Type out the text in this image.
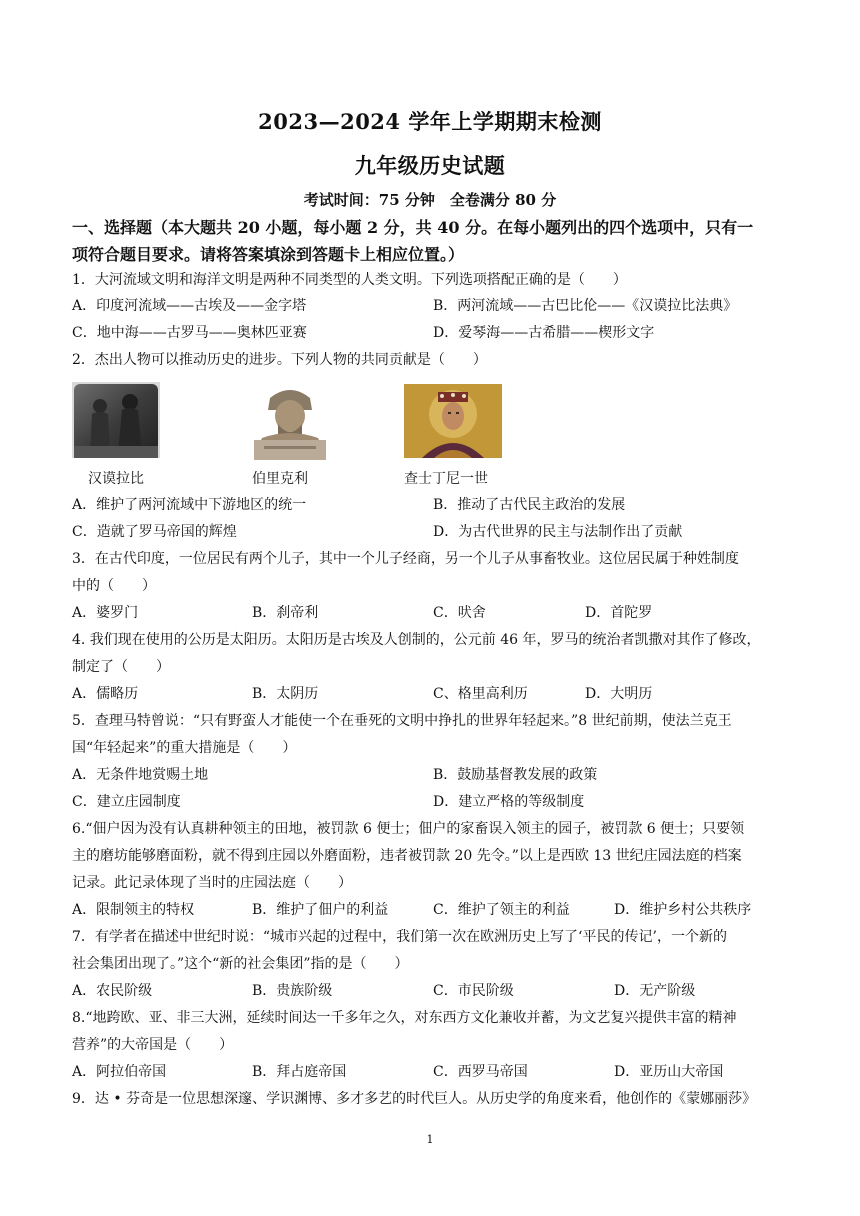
2023—2024 学年上学期期末检测
九年级历史试题
考试时间：75 分钟　全卷满分 80 分
一、选择题（本大题共 20 小题，每小题 2 分，共 40 分。在每小题列出的四个选项中，只有一
项符合题目要求。请将答案填涂到答题卡上相应位置。）
1．大河流域文明和海洋文明是两种不同类型的人类文明。下列选项搭配正确的是（　　）
A．印度河流域——古埃及——金字塔	B．两河流域——古巴比伦——《汉谟拉比法典》
C．地中海——古罗马——奥林匹亚赛	D．爱琴海——古希腊——楔形文字
2．杰出人物可以推动历史的进步。下列人物的共同贡献是（　　）
汉谟拉比	伯里克利	查士丁尼一世
A．维护了两河流域中下游地区的统一	B．推动了古代民主政治的发展
C．造就了罗马帝国的辉煌	D．为古代世界的民主与法制作出了贡献
3．在古代印度，一位居民有两个儿子，其中一个儿子经商，另一个儿子从事畜牧业。这位居民属于种姓制度
中的（　　）
A．婆罗门	B．刹帝利	C．吠舍	D．首陀罗
4. 我们现在使用的公历是太阳历。太阳历是古埃及人创制的，公元前 46 年，罗马的统治者凯撒对其作了修改，
制定了（　　）
A．儒略历	B．太阴历	C、格里高利历	D．大明历
5．查理马特曾说：“只有野蛮人才能使一个在垂死的文明中挣扎的世界年轻起来。”8 世纪前期，使法兰克王
国“年轻起来”的重大措施是（　　）
A．无条件地赏赐土地	B．鼓励基督教发展的政策
C．建立庄园制度	D．建立严格的等级制度
6.“佃户因为没有认真耕种领主的田地，被罚款 6 便士；佃户的家畜误入领主的园子，被罚款 6 便士；只要领
主的磨坊能够磨面粉，就不得到庄园以外磨面粉，违者被罚款 20 先令。”以上是西欧 13 世纪庄园法庭的档案
记录。此记录体现了当时的庄园法庭（　　）
A．限制领主的特权	B．维护了佃户的利益	C．维护了领主的利益	D．维护乡村公共秩序
7．有学者在描述中世纪时说：“城市兴起的过程中，我们第一次在欧洲历史上写了‘平民的传记’，一个新的
社会集团出现了。”这个“新的社会集团”指的是（　　）
A．农民阶级	B．贵族阶级	C．市民阶级	D．无产阶级
8.“地跨欧、亚、非三大洲，延续时间达一千多年之久，对东西方文化兼收并蓄，为文艺复兴提供丰富的精神
营养”的大帝国是（　　）
A．阿拉伯帝国	B．拜占庭帝国	C．西罗马帝国	D．亚历山大帝国
9．达 • 芬奇是一位思想深邃、学识渊博、多才多艺的时代巨人。从历史学的角度来看，他创作的《蒙娜丽莎》
1
